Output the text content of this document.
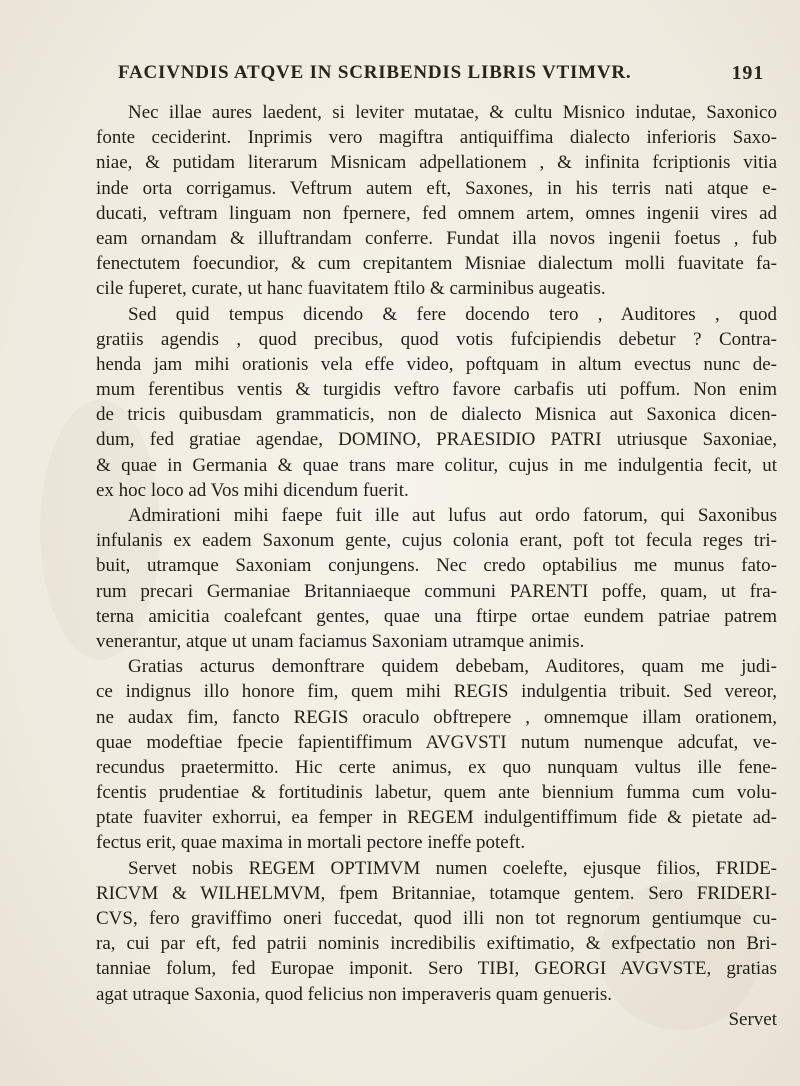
FACIVNDIS ATQVE IN SCRIBENDIS LIBRIS VTIMVR.	191
Nec illae aures laedent, si leviter mutatae, & cultu Misnico indutae, Saxonico
fonte ceciderint. Inprimis vero magiftra antiquiffima dialecto inferioris Saxo-
niae, & putidam literarum Misnicam adpellationem , & infinita fcriptionis vitia
inde orta corrigamus. Veftrum autem eft, Saxones, in his terris nati atque e-
ducati, veftram linguam non fpernere, fed omnem artem, omnes ingenii vires ad
eam ornandam & illuftrandam conferre. Fundat illa novos ingenii foetus , fub
fenectutem foecundior, & cum crepitantem Misniae dialectum molli fuavitate fa-
cile fuperet, curate, ut hanc fuavitatem ftilo & carminibus augeatis.
Sed quid tempus dicendo & fere docendo tero , Auditores , quod
gratiis agendis , quod precibus, quod votis fufcipiendis debetur ? Contra-
henda jam mihi orationis vela effe video, poftquam in altum evectus nunc de-
mum ferentibus ventis & turgidis veftro favore carbafis uti poffum. Non enim
de tricis quibusdam grammaticis, non de dialecto Misnica aut Saxonica dicen-
dum, fed gratiae agendae, DOMINO, PRAESIDIO PATRI utriusque Saxoniae,
& quae in Germania & quae trans mare colitur, cujus in me indulgentia fecit, ut
ex hoc loco ad Vos mihi dicendum fuerit.
Admirationi mihi faepe fuit ille aut lufus aut ordo fatorum, qui Saxonibus
infulanis ex eadem Saxonum gente, cujus colonia erant, poft tot fecula reges tri-
buit, utramque Saxoniam conjungens. Nec credo optabilius me munus fato-
rum precari Germaniae Britanniaeque communi PARENTI poffe, quam, ut fra-
terna amicitia coalefcant gentes, quae una ftirpe ortae eundem patriae patrem
venerantur, atque ut unam faciamus Saxoniam utramque animis.
Gratias acturus demonftrare quidem debebam, Auditores, quam me judi-
ce indignus illo honore fim, quem mihi REGIS indulgentia tribuit. Sed vereor,
ne audax fim, fancto REGIS oraculo obftrepere , omnemque illam orationem,
quae modeftiae fpecie fapientiffimum AVGVSTI nutum numenque adcufat, ve-
recundus praetermitto. Hic certe animus, ex quo nunquam vultus ille fene-
fcentis prudentiae & fortitudinis labetur, quem ante biennium fumma cum volu-
ptate fuaviter exhorrui, ea femper in REGEM indulgentiffimum fide & pietate ad-
fectus erit, quae maxima in mortali pectore ineffe poteft.
Servet nobis REGEM OPTIMVM numen coelefte, ejusque filios, FRIDE-
RICVM & WILHELMVM, fpem Britanniae, totamque gentem. Sero FRIDERI-
CVS, fero graviffimo oneri fuccedat, quod illi non tot regnorum gentiumque cu-
ra, cui par eft, fed patrii nominis incredibilis exiftimatio, & exfpectatio non Bri-
tanniae folum, fed Europae imponit. Sero TIBI, GEORGI AVGVSTE, gratias
agat utraque Saxonia, quod felicius non imperaveris quam genueris.
Servet
